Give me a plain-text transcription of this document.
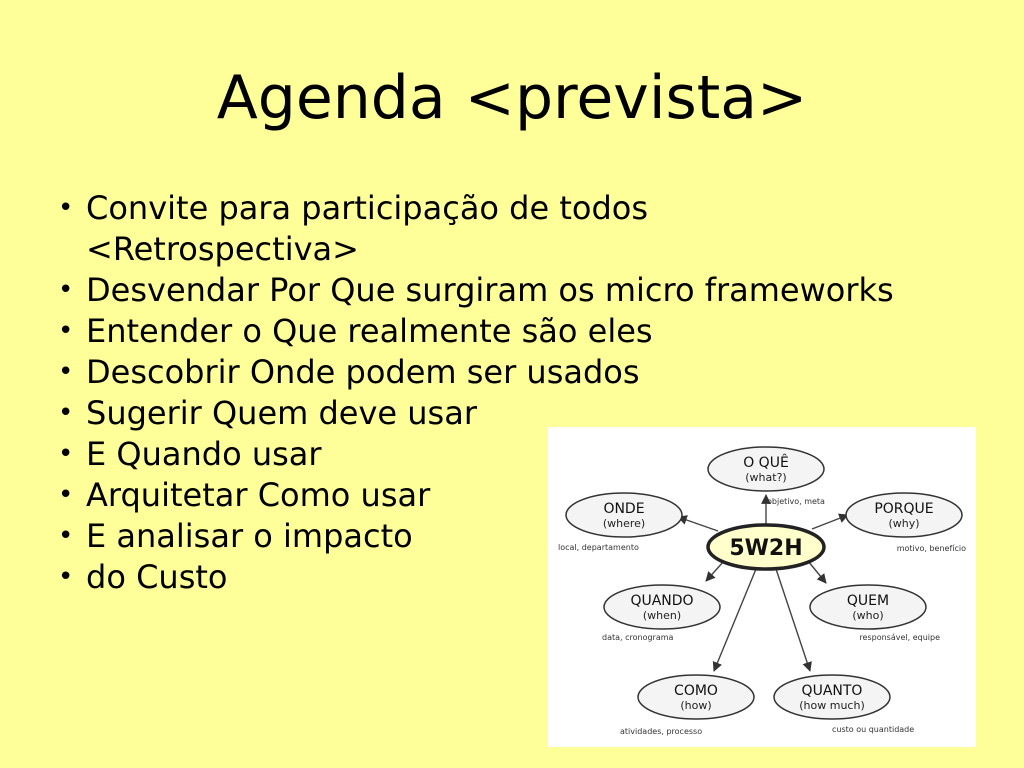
Agenda <prevista>
• Convite para participação de todos
<Retrospectiva>
• Desvendar Por Que surgiram os micro frameworks
• Entender o Que realmente são eles
• Descobrir Onde podem ser usados
• Sugerir Quem deve usar
• E Quando usar
• Arquitetar Como usar
• E analisar o impacto
• do Custo
5W2H
O QUÊ
(what?)
objetivo, meta
ONDE
(where)
local, departamento
PORQUE
(why)
motivo, benefício
QUANDO
(when)
data, cronograma
QUEM
(who)
responsável, equipe
COMO
(how)
atividades, processo
QUANTO
(how much)
custo ou quantidade
